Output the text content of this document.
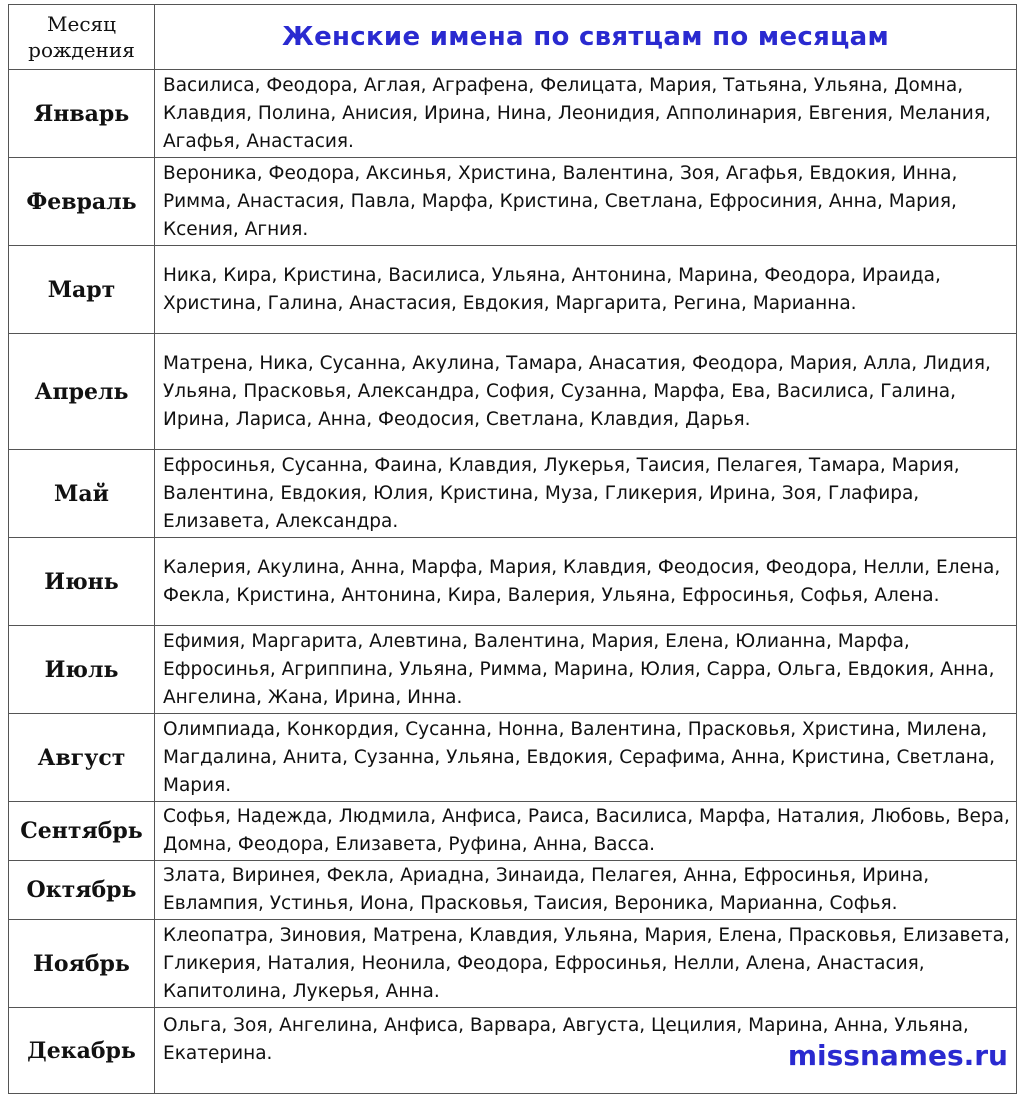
Месяц рождения	Женские имена по святцам по месяцам
Январь	Василиса, Феодора, Аглая, Аграфена, Фелицата, Мария, Татьяна, Ульяна, Домна, Клавдия, Полина, Анисия, Ирина, Нина, Леонидия, Апполинария, Евгения, Мелания, Агафья, Анастасия.
Февраль	Вероника, Феодора, Аксинья, Христина, Валентина, Зоя, Агафья, Евдокия, Инна, Римма, Анастасия, Павла, Марфа, Кристина, Светлана, Ефросиния, Анна, Мария, Ксения, Агния.
Март	Ника, Кира, Кристина, Василиса, Ульяна, Антонина, Марина, Феодора, Ираида, Христина, Галина, Анастасия, Евдокия, Маргарита, Регина, Марианна.
Апрель	Матрена, Ника, Сусанна, Акулина, Тамара, Анасатия, Феодора, Мария, Алла, Лидия, Ульяна, Прасковья, Александра, София, Сузанна, Марфа, Ева, Василиса, Галина, Ирина, Лариса, Анна, Феодосия, Светлана, Клавдия, Дарья.
Май	Ефросинья, Сусанна, Фаина, Клавдия, Лукерья, Таисия, Пелагея, Тамара, Мария, Валентина, Евдокия, Юлия, Кристина, Муза, Гликерия, Ирина, Зоя, Глафира, Елизавета, Александра.
Июнь	Калерия, Акулина, Анна, Марфа, Мария, Клавдия, Феодосия, Феодора, Нелли, Елена, Фекла, Кристина, Антонина, Кира, Валерия, Ульяна, Ефросинья, Софья, Алена.
Июль	Ефимия, Маргарита, Алевтина, Валентина, Мария, Елена, Юлианна, Марфа, Ефросинья, Агриппина, Ульяна, Римма, Марина, Юлия, Сарра, Ольга, Евдокия, Анна, Ангелина, Жана, Ирина, Инна.
Август	Олимпиада, Конкордия, Сусанна, Нонна, Валентина, Прасковья, Христина, Милена, Магдалина, Анита, Сузанна, Ульяна, Евдокия, Серафима, Анна, Кристина, Светлана, Мария.
Сентябрь	Софья, Надежда, Людмила, Анфиса, Раиса, Василиса, Марфа, Наталия, Любовь, Вера, Домна, Феодора, Елизавета, Руфина, Анна, Васса.
Октябрь	Злата, Виринея, Фекла, Ариадна, Зинаида, Пелагея, Анна, Ефросинья, Ирина, Евлампия, Устинья, Иона, Прасковья, Таисия, Вероника, Марианна, Софья.
Ноябрь	Клеопатра, Зиновия, Матрена, Клавдия, Ульяна, Мария, Елена, Прасковья, Елизавета, Гликерия, Наталия, Неонила, Феодора, Ефросинья, Нелли, Алена, Анастасия, Капитолина, Лукерья, Анна.
Декабрь	Ольга, Зоя, Ангелина, Анфиса, Варвара, Августа, Цецилия, Марина, Анна, Ульяна, Екатерина.	missnames.ru
